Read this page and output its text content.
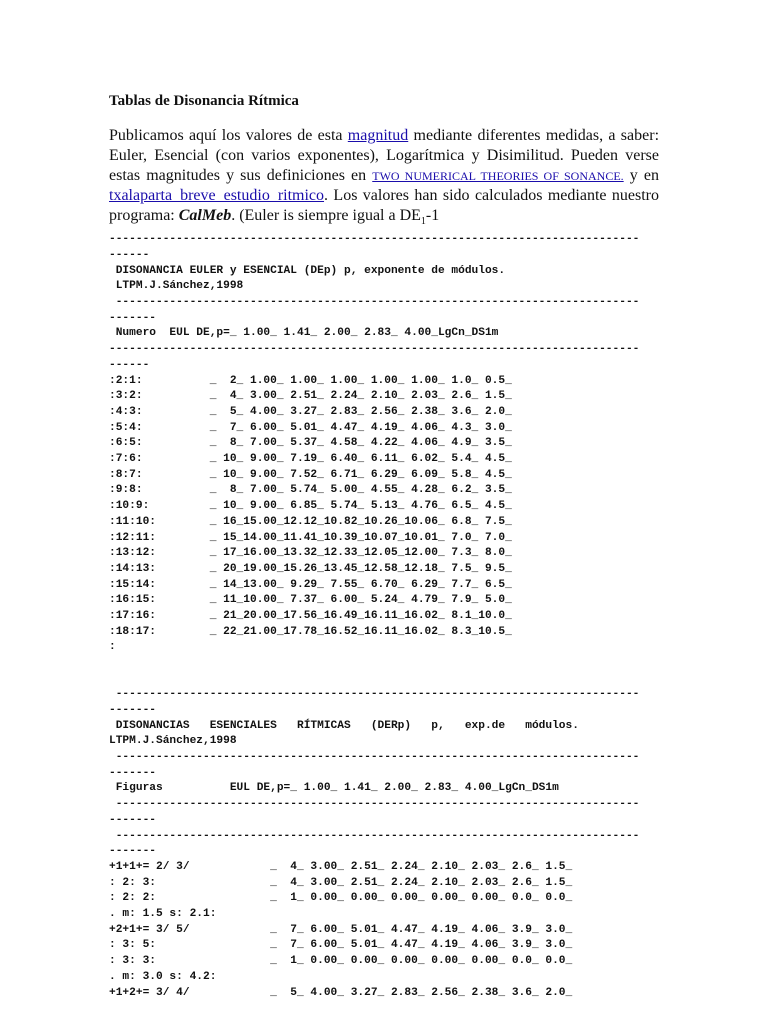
Tablas de Disonancia Rítmica

Publicamos aquí los valores de esta magnitud mediante diferentes medidas, a saber: Euler, Esencial (con varios exponentes), Logarítmica y Disimilitud. Pueden verse estas magnitudes y sus definiciones en TWO NUMERICAL THEORIES OF SONANCE. y en txalaparta_breve_estudio_ritmico. Los valores han sido calculados mediante nuestro programa: CalMeb. (Euler is siempre igual a $DE_1-1$

-------------------------------------------------------------------------------
------
DISONANCIA EULER y ESENCIAL (DEp) p, exponente de módulos.
LTPM.J.Sánchez,1998
------------------------------------------------------------------------------
-------
Numero  EUL DE,p=_ 1.00_ 1.41_ 2.00_ 2.83_ 4.00_LgCn_DS1m
-------------------------------------------------------------------------------
------
:2:1:          _  2_ 1.00_ 1.00_ 1.00_ 1.00_ 1.00_ 1.0_ 0.5_
:3:2:          _  4_ 3.00_ 2.51_ 2.24_ 2.10_ 2.03_ 2.6_ 1.5_
:4:3:          _  5_ 4.00_ 3.27_ 2.83_ 2.56_ 2.38_ 3.6_ 2.0_
:5:4:          _  7_ 6.00_ 5.01_ 4.47_ 4.19_ 4.06_ 4.3_ 3.0_
:6:5:          _  8_ 7.00_ 5.37_ 4.58_ 4.22_ 4.06_ 4.9_ 3.5_
:7:6:          _ 10_ 9.00_ 7.19_ 6.40_ 6.11_ 6.02_ 5.4_ 4.5_
:8:7:          _ 10_ 9.00_ 7.52_ 6.71_ 6.29_ 6.09_ 5.8_ 4.5_
:9:8:          _  8_ 7.00_ 5.74_ 5.00_ 4.55_ 4.28_ 6.2_ 3.5_
:10:9:         _ 10_ 9.00_ 6.85_ 5.74_ 5.13_ 4.76_ 6.5_ 4.5_
:11:10:        _ 16_15.00_12.12_10.82_10.26_10.06_ 6.8_ 7.5_
:12:11:        _ 15_14.00_11.41_10.39_10.07_10.01_ 7.0_ 7.0_
:13:12:        _ 17_16.00_13.32_12.33_12.05_12.00_ 7.3_ 8.0_
:14:13:        _ 20_19.00_15.26_13.45_12.58_12.18_ 7.5_ 9.5_
:15:14:        _ 14_13.00_ 9.29_ 7.55_ 6.70_ 6.29_ 7.7_ 6.5_
:16:15:        _ 11_10.00_ 7.37_ 6.00_ 5.24_ 4.79_ 7.9_ 5.0_
:17:16:        _ 21_20.00_17.56_16.49_16.11_16.02_ 8.1_10.0_
:18:17:        _ 22_21.00_17.78_16.52_16.11_16.02_ 8.3_10.5_
:
------------------------------------------------------------------------------
-------
DISONANCIAS   ESENCIALES   RÍTMICAS   (DERp)   p,   exp.de   módulos.
LTPM.J.Sánchez,1998
------------------------------------------------------------------------------
-------
Figuras          EUL DE,p=_ 1.00_ 1.41_ 2.00_ 2.83_ 4.00_LgCn_DS1m
------------------------------------------------------------------------------
-------
------------------------------------------------------------------------------
-------
+1+1+= 2/ 3/            _  4_ 3.00_ 2.51_ 2.24_ 2.10_ 2.03_ 2.6_ 1.5_
: 2: 3:                 _  4_ 3.00_ 2.51_ 2.24_ 2.10_ 2.03_ 2.6_ 1.5_
: 2: 2:                 _  1_ 0.00_ 0.00_ 0.00_ 0.00_ 0.00_ 0.0_ 0.0_
. m: 1.5 s: 2.1:
+2+1+= 3/ 5/            _  7_ 6.00_ 5.01_ 4.47_ 4.19_ 4.06_ 3.9_ 3.0_
: 3: 5:                 _  7_ 6.00_ 5.01_ 4.47_ 4.19_ 4.06_ 3.9_ 3.0_
: 3: 3:                 _  1_ 0.00_ 0.00_ 0.00_ 0.00_ 0.00_ 0.0_ 0.0_
. m: 3.0 s: 4.2:
+1+2+= 3/ 4/            _  5_ 4.00_ 3.27_ 2.83_ 2.56_ 2.38_ 3.6_ 2.0_
